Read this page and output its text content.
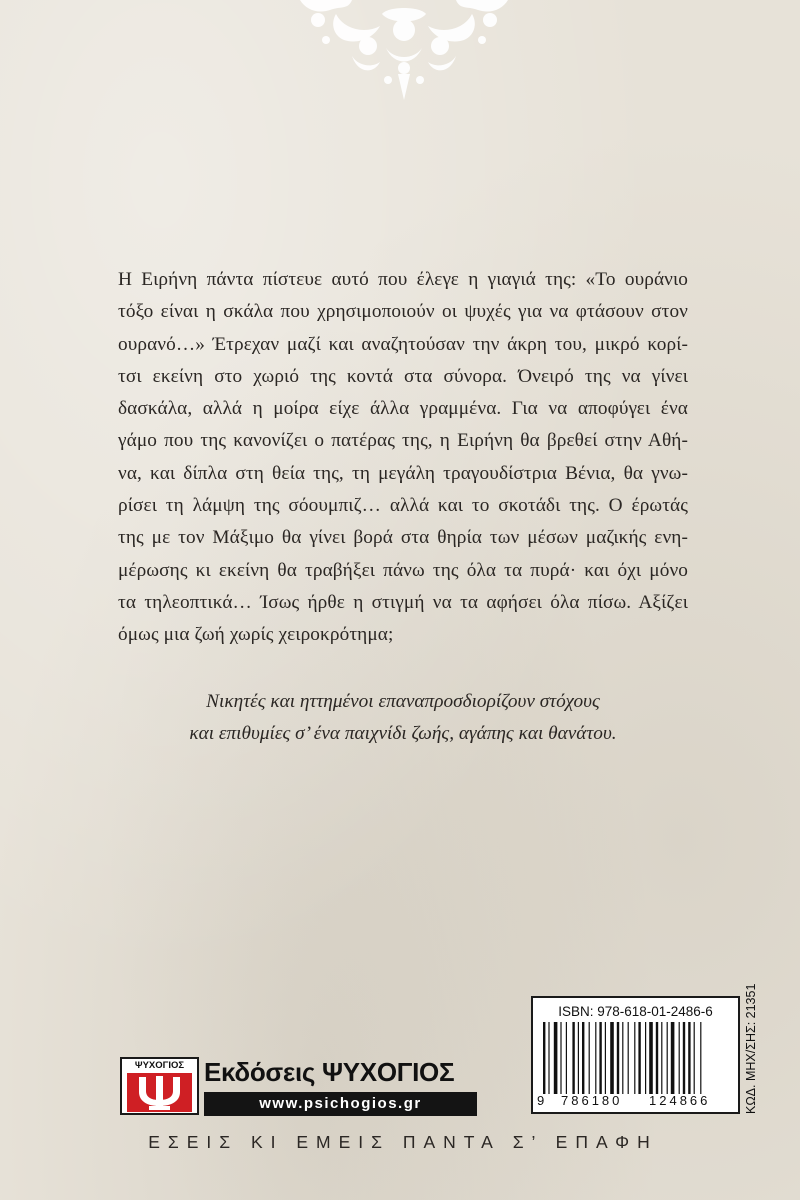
Η Ειρήνη πάντα πίστευε αυτό που έλεγε η γιαγιά της: «Το ουράνιο
τόξο είναι η σκάλα που χρησιμοποιούν οι ψυχές για να φτάσουν στον
ουρανό…» Έτρεχαν μαζί και αναζητούσαν την άκρη του, μικρό κορί-
τσι εκείνη στο χωριό της κοντά στα σύνορα. Όνειρό της να γίνει
δασκάλα, αλλά η μοίρα είχε άλλα γραμμένα. Για να αποφύγει ένα
γάμο που της κανονίζει ο πατέρας της, η Ειρήνη θα βρεθεί στην Αθή-
να, και δίπλα στη θεία της, τη μεγάλη τραγουδίστρια Βένια, θα γνω-
ρίσει τη λάμψη της σόουμπιζ… αλλά και το σκοτάδι της. Ο έρωτάς
της με τον Μάξιμο θα γίνει βορά στα θηρία των μέσων μαζικής ενη-
μέρωσης κι εκείνη θα τραβήξει πάνω της όλα τα πυρά· και όχι μόνο
τα τηλεοπτικά… Ίσως ήρθε η στιγμή να τα αφήσει όλα πίσω. Αξίζει
όμως μια ζωή χωρίς χειροκρότημα;
Νικητές και ηττημένοι επαναπροσδιορίζουν στόχους
και επιθυμίες σ’ ένα παιχνίδι ζωής, αγάπης και θανάτου.
ISBN: 978-618-01-2486-6
9 786180 124866	ΚΩΔ. ΜΗΧ/ΣΗΣ: 21351
ΨΥΧΟΓΙΟΣ Εκδόσεις ΨΥΧΟΓΙΟΣ
www.psichogios.gr
ΕΣΕΙΣ ΚΙ ΕΜΕΙΣ ΠΑΝΤΑ Σ’ ΕΠΑΦΗ
